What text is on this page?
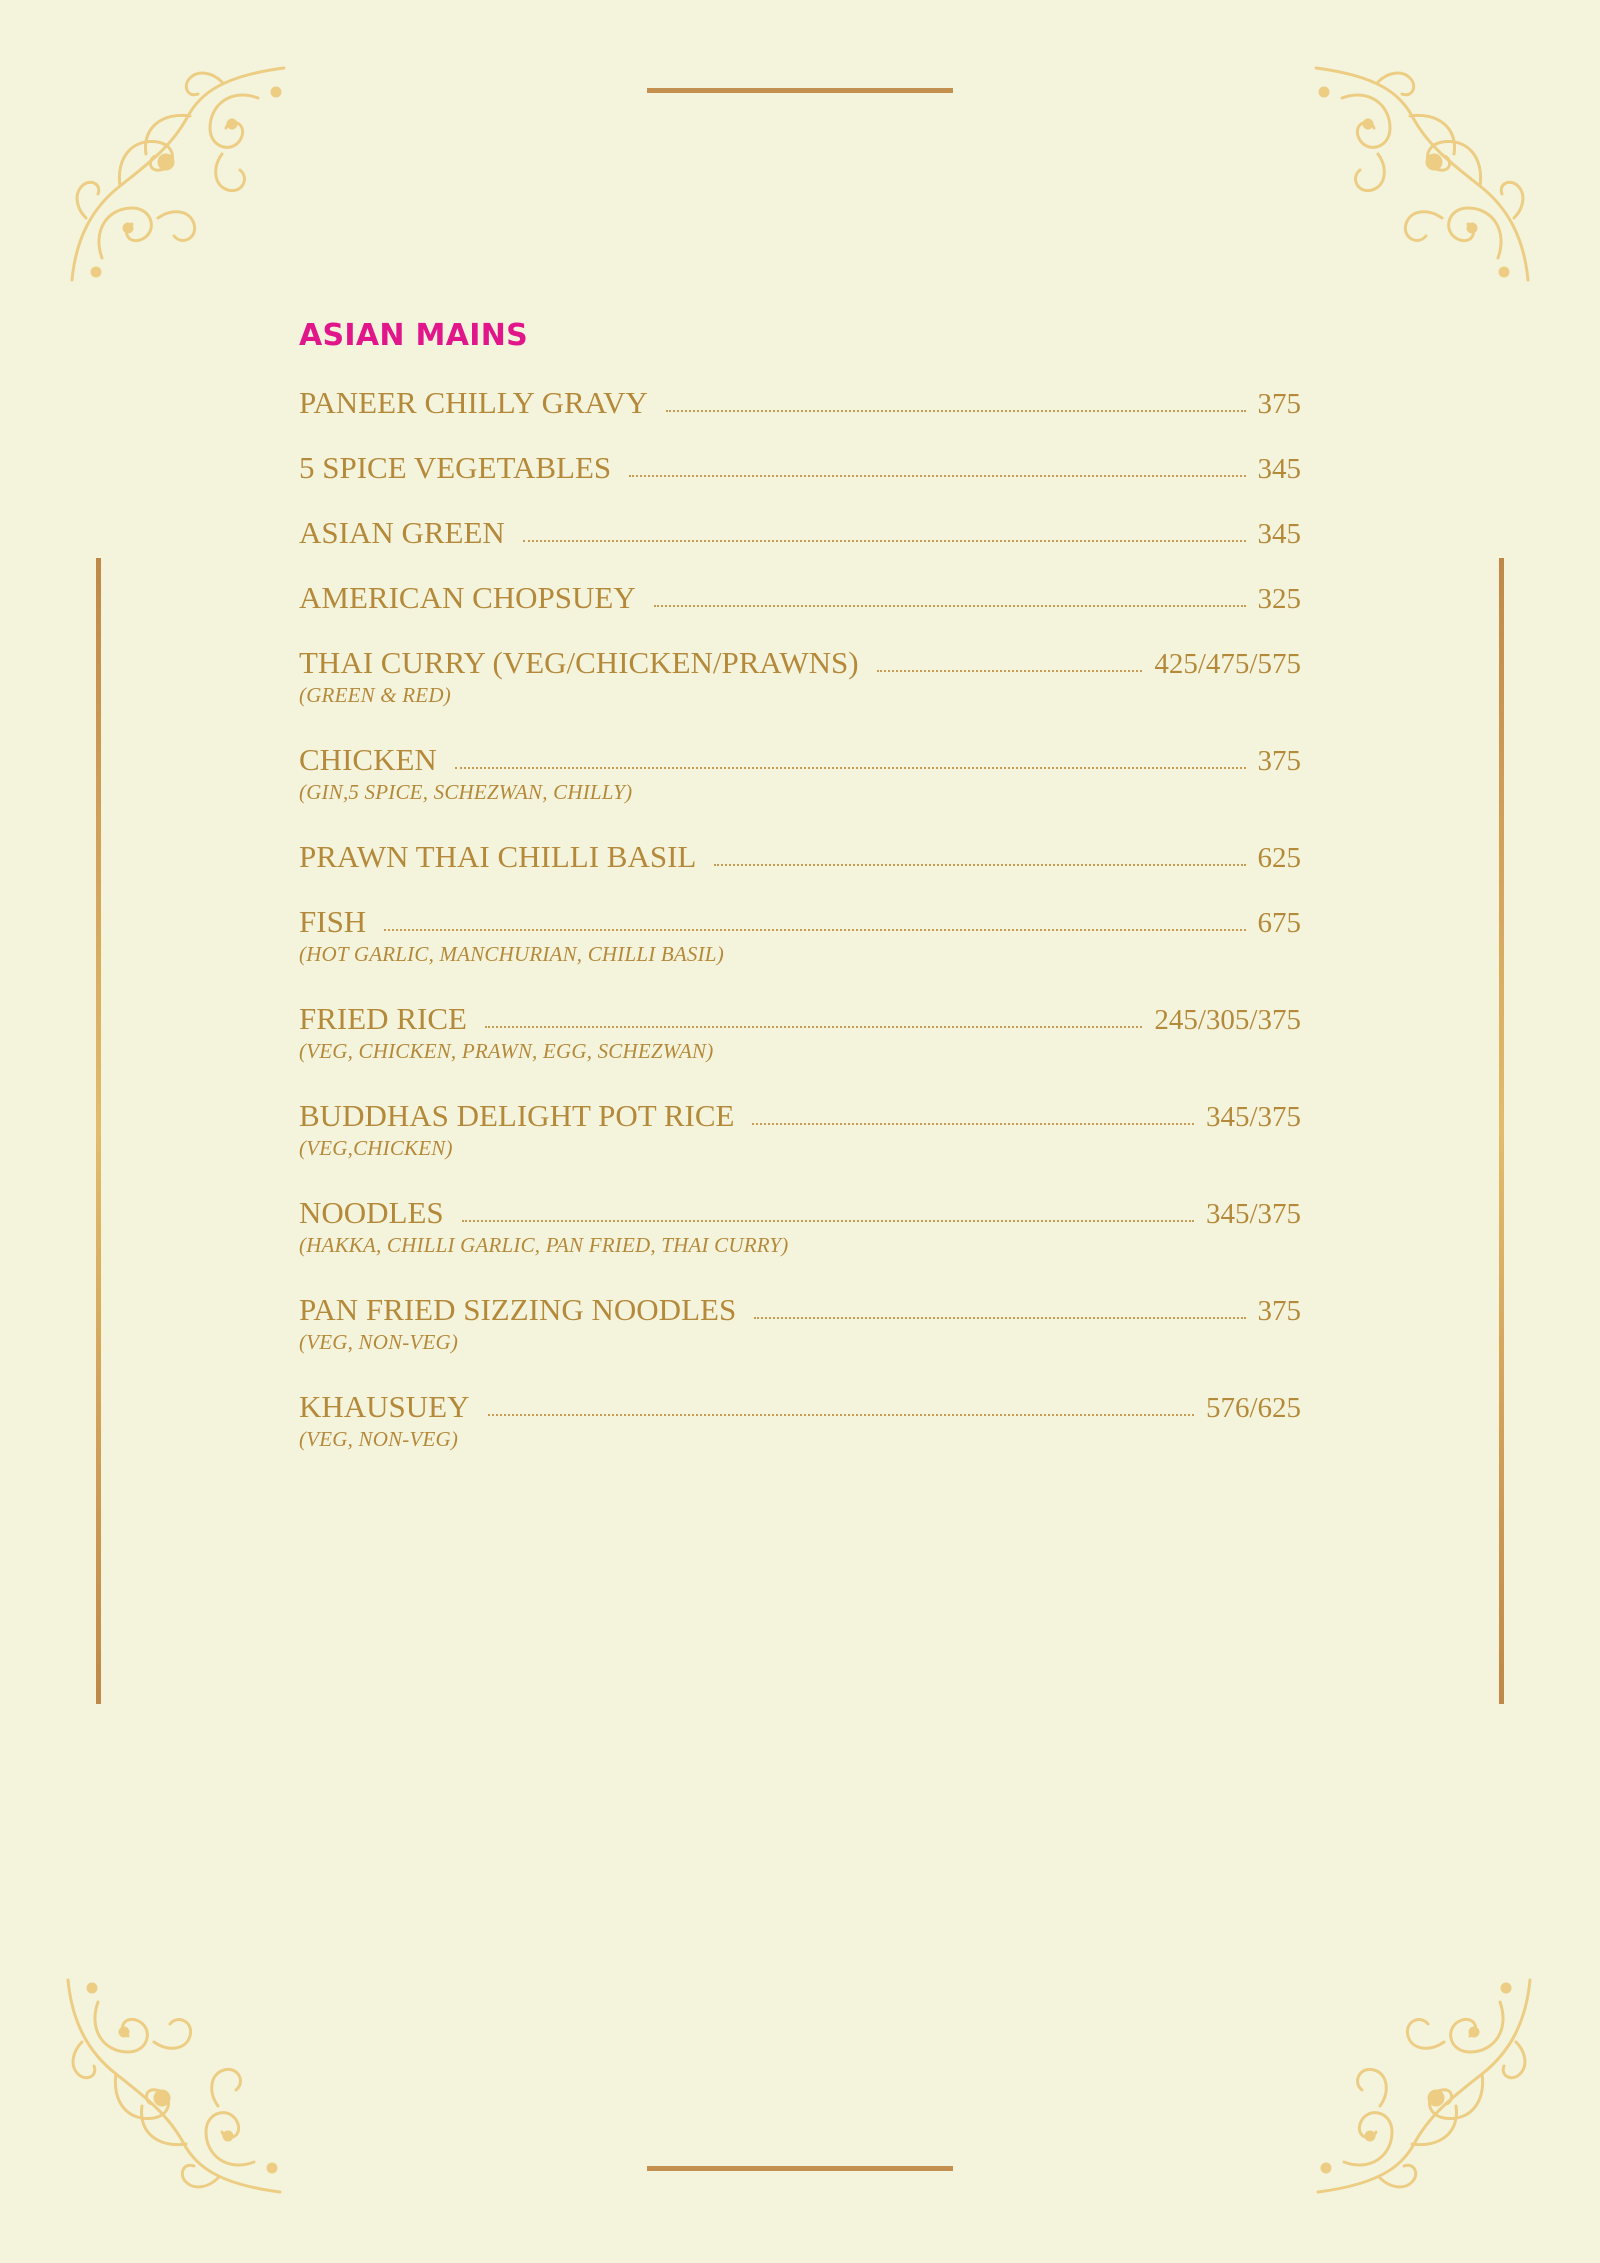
ASIAN MAINS
PANEER CHILLY GRAVY	375
5 SPICE VEGETABLES	345
ASIAN GREEN	345
AMERICAN CHOPSUEY	325
THAI CURRY (VEG/CHICKEN/PRAWNS)	425/475/575
(GREEN & RED)
CHICKEN	375
(GIN,5 SPICE, SCHEZWAN, CHILLY)
PRAWN THAI CHILLI BASIL	625
FISH	675
(HOT GARLIC, MANCHURIAN, CHILLI BASIL)
FRIED RICE	245/305/375
(VEG, CHICKEN, PRAWN, EGG, SCHEZWAN)
BUDDHAS DELIGHT POT RICE	345/375
(VEG,CHICKEN)
NOODLES	345/375
(HAKKA, CHILLI GARLIC, PAN FRIED, THAI CURRY)
PAN FRIED SIZZING NOODLES	375
(VEG, NON-VEG)
KHAUSUEY	576/625
(VEG, NON-VEG)
